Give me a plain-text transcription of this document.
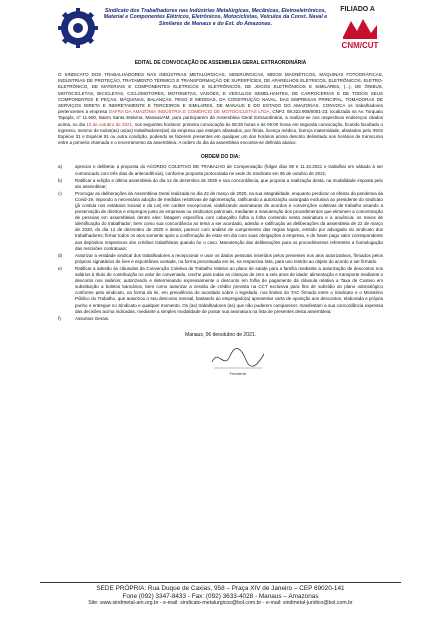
Sindicato dos Trabalhadores nas Indústrias Metalúrgicas, Mecânicas, Eletroeletrônicos, Material e Componentes Elétricos, Eletrônicos, Motociclistas, Veículos da Const. Naval e Similares de Manaus e do Est. do Amazonas.
FILIADO A
CNM/CUT
EDITAL DE CONVOCAÇÃO DE ASSEMBLEIA GERAL EXTRAORDINÁRIA
O SINDICATO DOS TRABALHADORES NAS INDÚSTRIAS METALÚRGICAS, SIDERÚRGICAS, MEIOS MAGNÉTICOS, MÁQUINAS FOTOGRÁFICAS, INDÚSTRIAS DE PROTEÇÃO, TRATAMENTO TÉRMICO E TRANSFORMAÇÃO DE SUPERFÍCIES, DE APARELHOS ELÉTRICOS, ELETRÔNICOS, ELETRO-ELETRÔNICO, DE MATERIAIS E COMPONENTES ELÉTRICOS E ELETRÔNICOS, DE JOGOS ELETRÔNICOS E SIMILARES, (...), DE ÔNIBUS, MOTOCICLETAS, BICICLETAS, CICLOMOTORES, MOTONETAS, VAGÕES, E VEÍCULOS SEMELHANTES, DE CARROCERIAS E DE TODOS SEUS COMPONENTES E PEÇAS, MÁQUINAS, BALANÇAS, PESO E MEDIDAS, DA CONSTRUÇÃO NAVAL, DAS EMPRESAS PRINCIPAL, TOMADORAS DE SERVIÇOS DIRETA E INDIRETAMENTE E TERCEIROS E SIMILARES, DE MANAUS E DO ESTADO DO AMAZONAS. CONVOCA os trabalhadores pertencentes a empresa DAFRA DA AMAZÔNIA INDÚSTRIA E COMÉRCIO DE MOTOCICLETAS LTDA, CNPJ: 08.322.908/0001-23, localizada na Av. Torquato Tapajós, nº 11.600, Bairro Santa Etelvina, Manaus/AM, para participarem da Assembleia Geral Extraordinária, a realizar-se nos respectivos endereços citados acima, no dia 13 de outubro de 2021, nos seguintes horários: primeira convocação às 08:30 horas e às 09:00 horas em segunda convocação, ficando facultado o ingresso, mesmo de todos(as) os(as) trabalhadores(as) da empresa que estejam afastados, por férias, licença médica, licença maternidade, afastados pelo INSS Espécie 31 e Espécie 91 ou outra condição, podendo se fazerem presentes em qualquer um dos horários acima descrito delimitado nos horários de transcurso entre a primeira chamada e o encerramento da assembleia. A ordem do dia da assembleia encontra-se definida abaixo:
ORDEM DO DIA:
a)	apreciar e deliberar a proposta do ACORDO COLETIVO DE TRABALHO de Compensação (folgar dias 08 e 11.10.2021 e trabalhar em sábado à ser comunicado com três dias de antecedência), conforme proposta protocolada ne sede do Sindicato em 06 de outubro de 2021;
b)	Ratificar a edição e última assembleia do dia 12 de dezembro de 2020 e sua concordância, que propicia a realização desta, na modalidade imposta pelo ato assemblear;
c)	Prorrogar as deliberações da Assembleia Geral realizada no dia 22 de março de 2020, na sua integralidade, enquanto perdurar os efeitos da pandemia da Covid-19, impondo a necessária adoção de medidas restritivas de aglomeração, ratificando a autorização outorgada exclusiva ao presidente do sindicato (já contida nos estatutos sociais e da Lei) em caráter excepcional, viabilizando assinaturas de acordos e convenções coletivas de trabalho visando a preservação de direitos e empregos junto as empresas ou sindicatos patronais, mediante a manutenção dos procedimentos que eliminem a concentração de pessoas em assembleias dentre eles: listagem específica com cabeçalho folha a folha contendo nesta assinatura e a anuência; os meios de identificação do trabalhador; bem como sua concordância ao tema a ser acordado, adesão e ratificação as deliberações da assembleia de 22 de março de 2020, do dia 12 de dezembro de 2020 e desta; parecer com análise de cumprimento das regras legais, emitido por advogado do sindicato dos trabalhadores; firmar todos os atos somente após a confirmação de estar em dia com suas obrigações a empresa, e de haver pago valor correspondente aos depósitos respectivos dos créditos trabalhistas quando for o caso. Manutenção das deliberações para os procedimentos referentes a homologação das rescisões contratuais;
d)	Autorizar a entidade sindical dos trabalhadores a recepcionar e usar os dados pessoais inseridos pelos presentes nos atos autorizativos, firmados pelos próprios signatários de livre e espontânea vontade, na forma preceituada em lei, na respectiva lista, para uso restrito ao objeto do acordo a ser firmado.
e)	Ratificar a adesão às cláusulas da Convenção Coletiva de Trabalho relativo ao plano de saúde para a família mediante a autorização de descontos nos salários à título de contribuição no valor de conveniado, creche para todas as crianças de zero a seis anos de idade; alimentação e transporte mediante o desconto nos salários; autorizando e determinando expressamente o desconto em folha de pagamento da cláusula relativa a Taxa de Custeio em substituição a boletos bancários, bem como autorizar a cessão de crédito prevista na CCT exclusiva para fins de subsídio do plano odontológico conforme pelo sindicato, na forma da lei, em prevalência do acordado sobre o legislado, nos limites do TAC firmado entre o Sindicato e o Ministério Público do Trabalho, que autorizou o seu desconto mensal, bastando ao empregado(a) apresentar carta de oposição aos descontos, elaborada e própria punho e entregue no Sindicato e qualquer momento. Os (as) trabalhadores (as) que não puderem comparecer, manifestam a sua concordância expressa das decisões acima indicadas, mediante a simples modalidade de postar sua assinatura na lista de presentes desta assembleia;
f)	Assuntos Gerais.
Manaus, 06 deoutubro de 2021.
Presidente
SEDE PRÓPRIA: Rua Duque de Caxias, 958 – Praça XIV de Janeiro – CEP 69020-141
Fone (092) 3347-8433 - Fax: (092) 3633-4028 - Manaus – Amazonas
Site: www.sindmetal-am.org.br - e-mail: sindicato-metalurgicos@bol.com.br - e-mail: sindmetal-juridico@bol.com.br
